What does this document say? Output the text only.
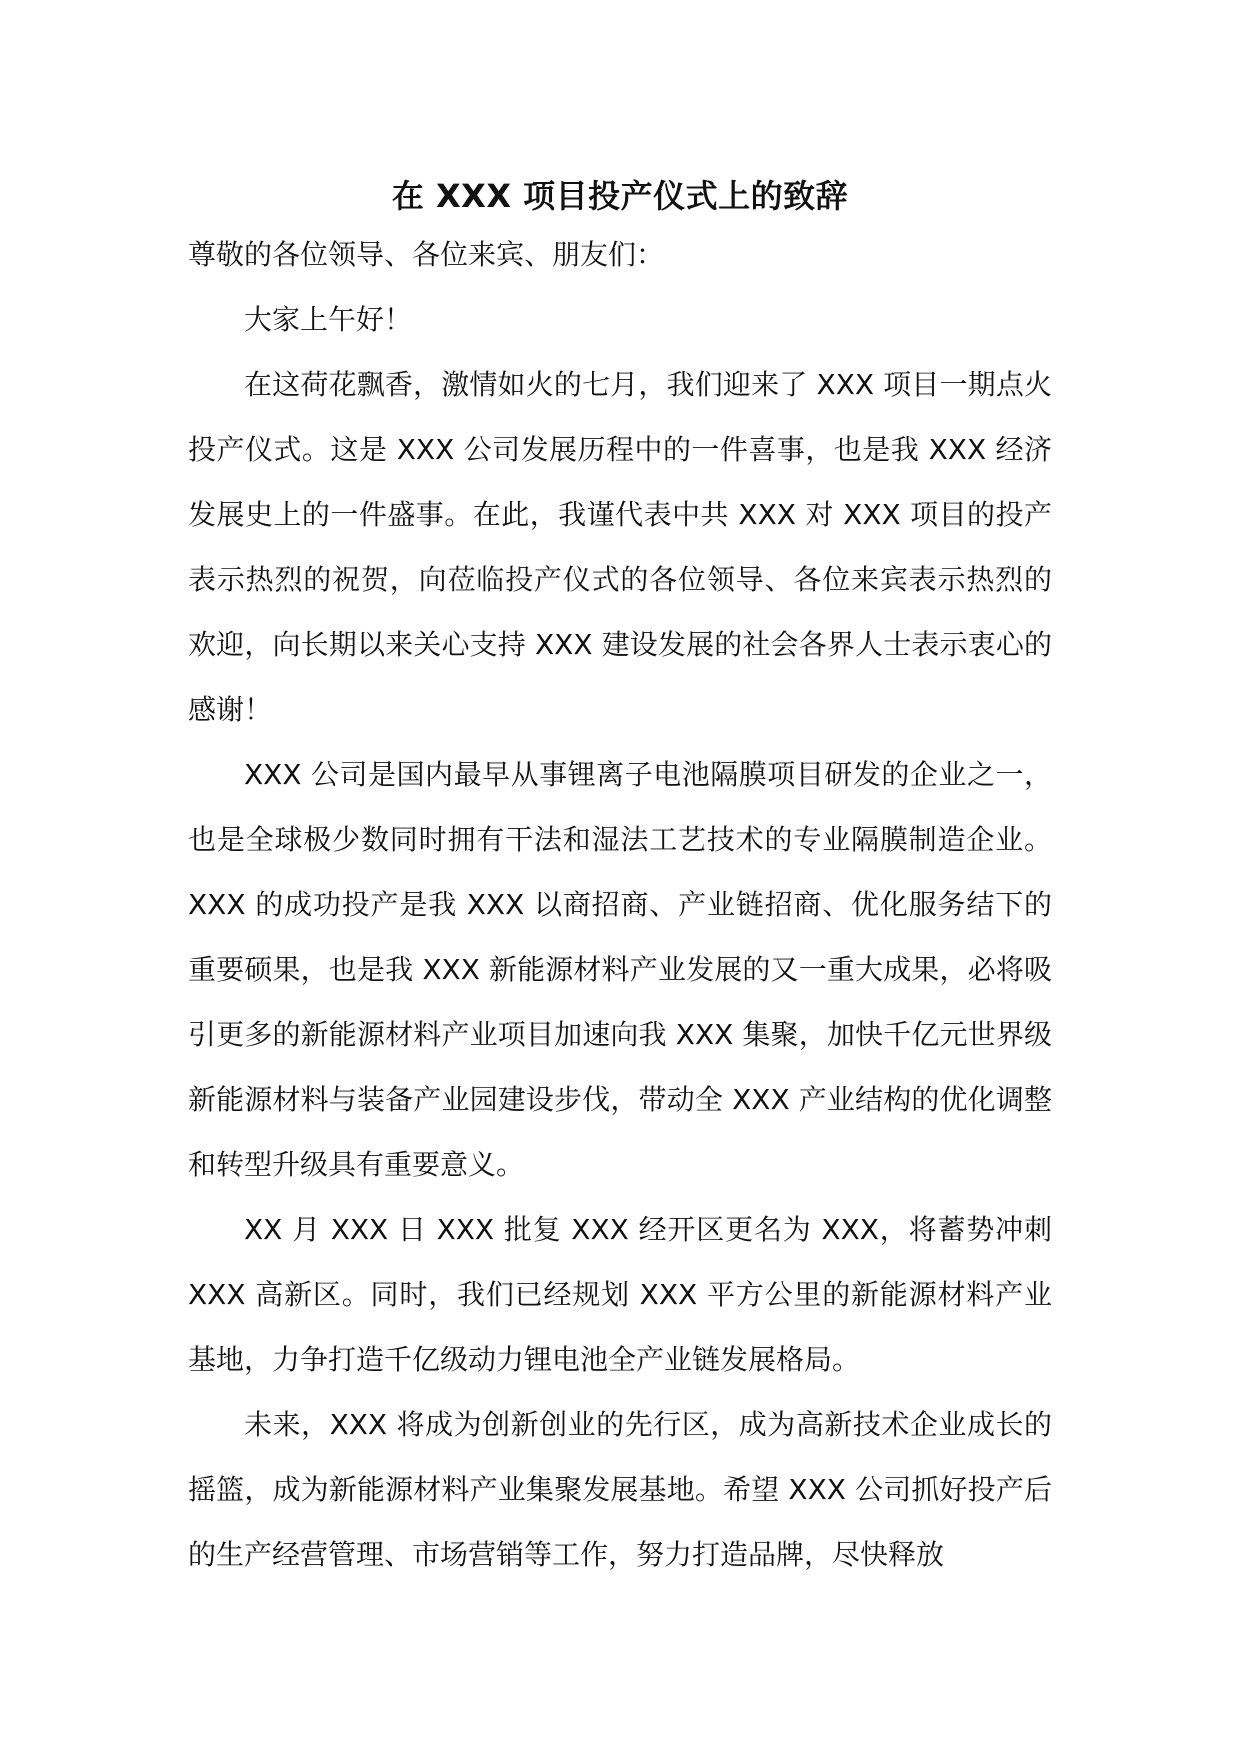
在 XXX 项目投产仪式上的致辞

尊敬的各位领导、各位来宾、朋友们：

大家上午好！

在这荷花飘香，激情如火的七月，我们迎来了 XXX 项目一期点火投产仪式。这是 XXX 公司发展历程中的一件喜事，也是我 XXX 经济发展史上的一件盛事。在此，我谨代表中共 XXX 对 XXX 项目的投产表示热烈的祝贺，向莅临投产仪式的各位领导、各位来宾表示热烈的欢迎，向长期以来关心支持 XXX 建设发展的社会各界人士表示衷心的感谢！

XXX 公司是国内最早从事锂离子电池隔膜项目研发的企业之一，也是全球极少数同时拥有干法和湿法工艺技术的专业隔膜制造企业。XXX 的成功投产是我 XXX 以商招商、产业链招商、优化服务结下的重要硕果，也是我 XXX 新能源材料产业发展的又一重大成果，必将吸引更多的新能源材料产业项目加速向我 XXX 集聚，加快千亿元世界级新能源材料与装备产业园建设步伐，带动全 XXX 产业结构的优化调整和转型升级具有重要意义。

XX 月 XXX 日 XXX 批复 XXX 经开区更名为 XXX，将蓄势冲刺 XXX 高新区。同时，我们已经规划 XXX 平方公里的新能源材料产业基地，力争打造千亿级动力锂电池全产业链发展格局。

未来，XXX 将成为创新创业的先行区，成为高新技术企业成长的摇篮，成为新能源材料产业集聚发展基地。希望 XXX 公司抓好投产后的生产经营管理、市场营销等工作，努力打造品牌，尽快释放
